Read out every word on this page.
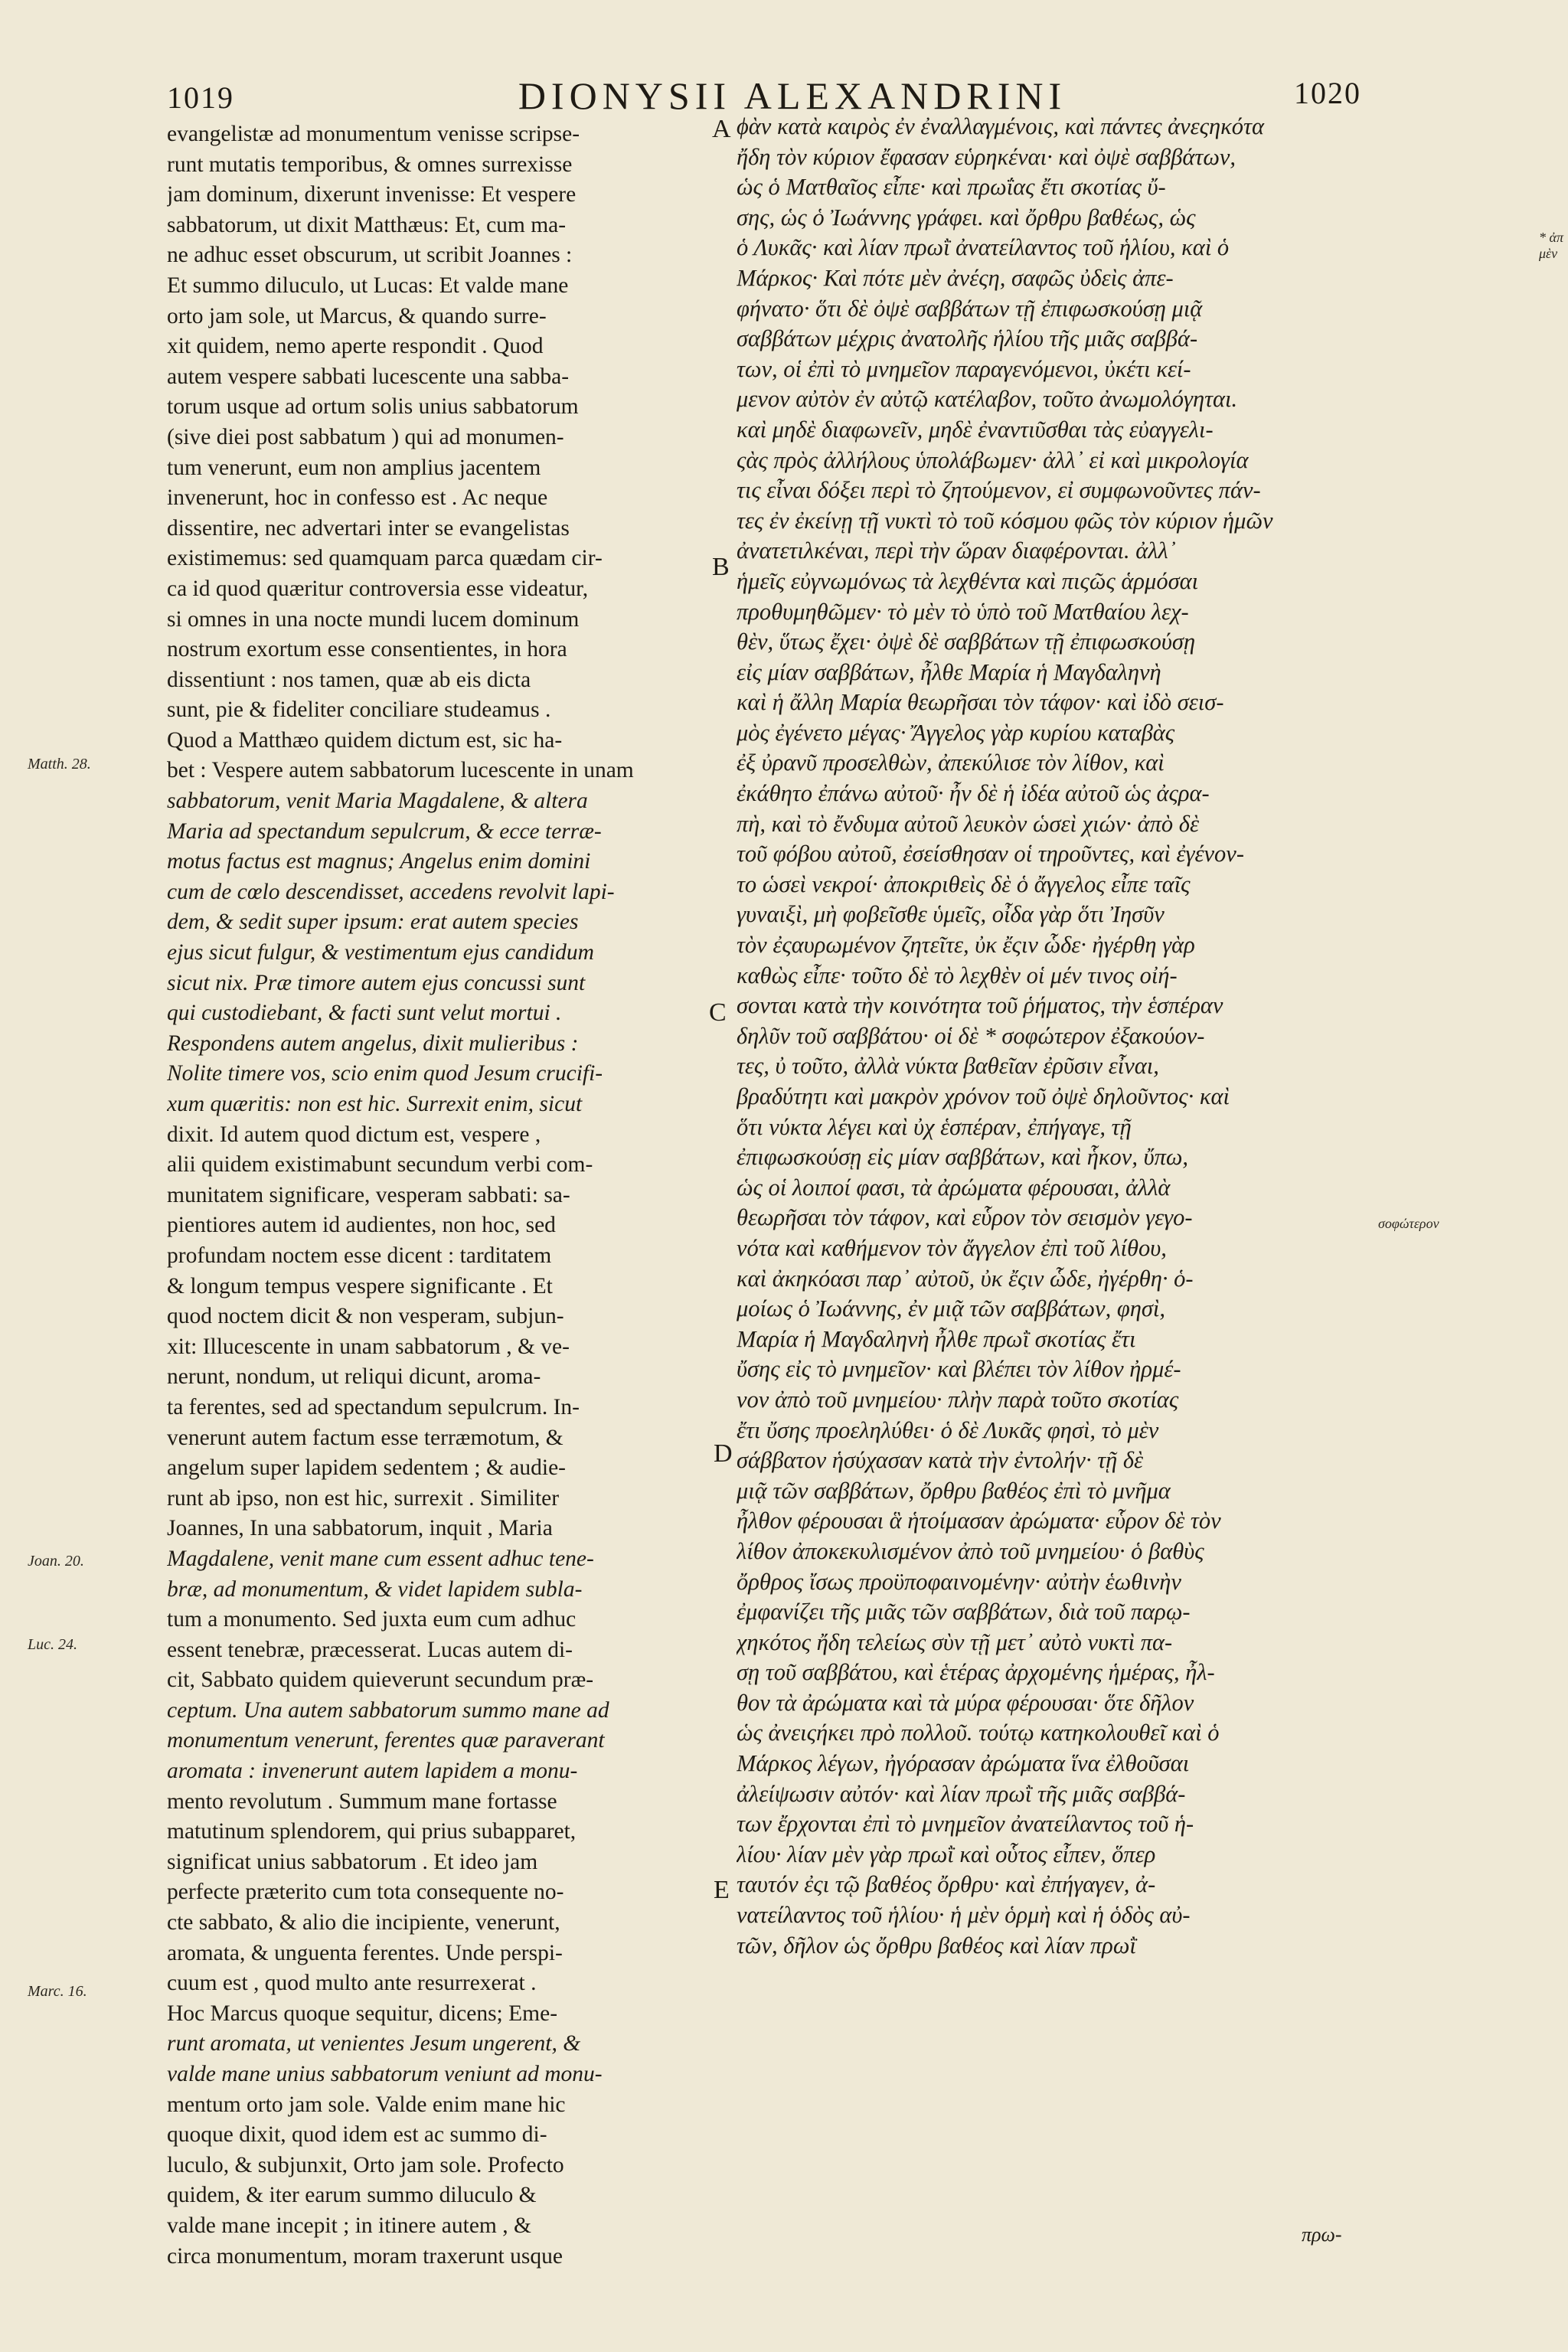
1019	DIONYSII ALEXANDRINI	1020
evangelistæ ad monumentum venisse scripse-
runt mutatis temporibus, & omnes surrexisse
jam dominum, dixerunt invenisse: Et vespere
sabbatorum, ut dixit Matthæus: Et, cum ma-
ne adhuc esset obscurum, ut scribit Joannes :
Et summo diluculo, ut Lucas: Et valde mane
orto jam sole, ut Marcus, & quando surre-
xit quidem, nemo aperte respondit . Quod
autem vespere sabbati lucescente una sabba-
torum usque ad ortum solis unius sabbatorum
(sive diei post sabbatum ) qui ad monumen-
tum venerunt, eum non amplius jacentem
invenerunt, hoc in confesso est . Ac neque
dissentire, nec advertari inter se evangelistas
existimemus: sed quamquam parca quædam cir-
ca id quod quæritur controversia esse videatur,
si omnes in una nocte mundi lucem dominum
nostrum exortum esse consentientes, in hora
dissentiunt : nos tamen, quæ ab eis dicta
sunt, pie & fideliter conciliare studeamus .
Quod a Matthæo quidem dictum est, sic ha-
bet : Vespere autem sabbatorum lucescente in unam
sabbatorum, venit Maria Magdalene, & altera
Maria ad spectandum sepulcrum, & ecce terræ-
motus factus est magnus; Angelus enim domini
cum de cœlo descendisset, accedens revolvit lapi-
dem, & sedit super ipsum: erat autem species
ejus sicut fulgur, & vestimentum ejus candidum
sicut nix. Præ timore autem ejus concussi sunt
qui custodiebant, & facti sunt velut mortui .
Respondens autem angelus, dixit mulieribus :
Nolite timere vos, scio enim quod Jesum crucifi-
xum quæritis: non est hic. Surrexit enim, sicut
dixit. Id autem quod dictum est, vespere ,
alii quidem existimabunt secundum verbi com-
munitatem significare, vesperam sabbati: sa-
pientiores autem id audientes, non hoc, sed
profundam noctem esse dicent : tarditatem
& longum tempus vespere significante . Et
quod noctem dicit & non vesperam, subjun-
xit: Illucescente in unam sabbatorum , & ve-
nerunt, nondum, ut reliqui dicunt, aroma-
ta ferentes, sed ad spectandum sepulcrum. In-
venerunt autem factum esse terræmotum, &
angelum super lapidem sedentem ; & audie-
runt ab ipso, non est hic, surrexit . Similiter
Joannes, In una sabbatorum, inquit , Maria
Magdalene, venit mane cum essent adhuc tene-
bræ, ad monumentum, & videt lapidem sublа-
tum a monumento. Sed juxta eum cum adhuc
essent tenebræ, præcesserat. Lucas autem di-
cit, Sabbato quidem quieverunt secundum præ-
ceptum. Una autem sabbatorum summo mane ad
monumentum venerunt, ferentes quæ paraverant
aromata : invenerunt autem lapidem a monu-
mento revolutum . Summum mane fortasse
matutinum splendorem, qui prius subapparet,
significat unius sabbatorum . Et ideo jam
perfecte præterito cum tota consequente no-
cte sabbato, & alio die incipiente, venerunt,
aromata, & unguenta ferentes. Unde perspi-
cuum est , quod multo ante resurrexerat .
Hoc Marcus quoque sequitur, dicens; Eme-
runt aromata, ut venientes Jesum ungerent, &
valde mane unius sabbatorum veniunt ad monu-
mentum orto jam sole. Valde enim mane hic
quoque dixit, quod idem est ac summo di-
luculo, & subjunxit, Orto jam sole. Profecto
quidem, & iter earum summo diluculo &
valde mane incepit ; in itinere autem , &
circa monumentum, moram traxerunt usque
ϕὰν κατὰ καιρὸς ἐν ἐναλλαγμένοις, καὶ πάντες ἀνεςηκότα
ἤδη τὸν κύριον ἔφασαν εὑρηκέναι· καὶ ὀψὲ σαββάτων,
ὡς ὁ Ματθαῖος εἶπε· καὶ πρωΐας ἔτι σκοτίας ὔ-
σης, ὡς ὁ Ἰωάννης γράφει. καὶ ὄρθρυ βαθέως, ὡς
ὁ Λυκᾶς· καὶ λίαν πρωῒ ἀνατείλαντος τοῦ ἡλίου, καὶ ὁ
Μάρκος· Καὶ πότε μὲν ἀνέςη, σαφῶς ὐδεὶς ἀπε-
φήνατο· ὅτι δὲ ὀψὲ σαββάτων τῇ ἐπιφωσκούσῃ μιᾷ
σαββάτων μέχρις ἀνατολῆς ἡλίου τῆς μιᾶς σαββά-
των, οἱ ἐπὶ τὸ μνημεῖον παραγενόμενοι, ὐκέτι κεί-
μενον αὐτὸν ἐν αὐτῷ κατέλαβον, τοῦτο ἀνωμολόγηται.
καὶ μηδὲ διαφωνεῖν, μηδὲ ἐναντιῦσθαι τὰς εὐαγγελι-
ςὰς πρὸς ἀλλήλους ὑπολάβωμεν· ἀλλ᾽ εἰ καὶ μικρολογία
τις εἶναι δόξει περὶ τὸ ζητούμενον, εἰ συμφωνοῦντες πάν-
τες ἐν ἐκείνῃ τῇ νυκτὶ τὸ τοῦ κόσμου φῶς τὸν κύριον ἡμῶν
ἀνατετιλκέναι, περὶ τὴν ὥραν διαφέρονται. ἀλλ᾽
ἡμεῖς εὐγνωμόνως τὰ λεχθέντα καὶ πιςῶς ἁρμόσαι
προθυμηθῶμεν· τὸ μὲν τὸ ὑπὸ τοῦ Ματθαίου λεχ-
θὲν, ὕτως ἔχει· ὀψὲ δὲ σαββάτων τῇ ἐπιφωσκούσῃ
εἰς μίαν σαββάτων, ἦλθε Μαρία ἡ Μαγδαληνὴ
καὶ ἡ ἄλλη Μαρία θεωρῆσαι τὸν τάφον· καὶ ἰδὸ σεισ-
μὸς ἐγένετο μέγας· Ἄγγελος γὰρ κυρίου καταβὰς
ἐξ ὐρανῦ προσελθὼν, ἀπεκύλισε τὸν λίθον, καὶ
ἐκάθητο ἐπάνω αὐτοῦ· ἦν δὲ ἡ ἰδέα αὐτοῦ ὡς ἀςρα-
πὴ, καὶ τὸ ἔνδυμα αὐτοῦ λευκὸν ὡσεὶ χιών· ἀπὸ δὲ
τοῦ φόβου αὐτοῦ, ἐσείσθησαν οἱ τηροῦντες, καὶ ἐγένον-
το ὡσεὶ νεκροί· ἀποκριθεὶς δὲ ὁ ἄγγελος εἶπε ταῖς
γυναιξὶ, μὴ φοβεῖσθε ὑμεῖς, οἶδα γὰρ ὅτι Ἰησῦν
τὸν ἐςαυρωμένον ζητεῖτε, ὐκ ἔςιν ὧδε· ἠγέρθη γὰρ
καθὼς εἶπε· τοῦτο δὲ τὸ λεχθὲν οἱ μέν τινος οἰή-
σονται κατὰ τὴν κοινότητα τοῦ ῥήματος, τὴν ἑσπέραν
δηλῦν τοῦ σαββάτου· οἱ δὲ * σοφώτερον ἐξακούον-
τες, ὐ τοῦτο, ἀλλὰ νύκτα βαθεῖαν ἐρῦσιν εἶναι,
βραδύτητι καὶ μακρὸν χρόνον τοῦ ὀψὲ δηλοῦντος· καὶ
ὅτι νύκτα λέγει καὶ ὐχ ἑσπέραν, ἐπήγαγε, τῇ
ἐπιφωσκούσῃ εἰς μίαν σαββάτων, καὶ ἧκον, ὔπω,
ὡς οἱ λοιποί φασι, τὰ ἀρώματα φέρουσαι, ἀλλὰ
θεωρῆσαι τὸν τάφον, καὶ εὗρον τὸν σεισμὸν γεγο-
νότα καὶ καθήμενον τὸν ἄγγελον ἐπὶ τοῦ λίθου,
καὶ ἀκηκόασι παρ᾽ αὐτοῦ, ὐκ ἔςιν ὧδε, ἠγέρθη· ὁ-
μοίως ὁ Ἰωάννης, ἐν μιᾷ τῶν σαββάτων, φησὶ,
Μαρία ἡ Μαγδαληνὴ ἦλθε πρωῒ σκοτίας ἔτι
ὔσης εἰς τὸ μνημεῖον· καὶ βλέπει τὸν λίθον ἠρμέ-
νον ἀπὸ τοῦ μνημείου· πλὴν παρὰ τοῦτο σκοτίας
ἔτι ὔσης προεληλύθει· ὁ δὲ Λυκᾶς φησὶ, τὸ μὲν
σάββατον ἡσύχασαν κατὰ τὴν ἐντολήν· τῇ δὲ
μιᾷ τῶν σαββάτων, ὄρθρυ βαθέος ἐπὶ τὸ μνῆμα
ἦλθον φέρουσαι ἃ ἡτοίμασαν ἀρώματα· εὗρον δὲ τὸν
λίθον ἀποκεκυλισμένον ἀπὸ τοῦ μνημείου· ὁ βαθὺς
ὄρθρος ἴσως προϋποφαινομένην· αὐτὴν ἑωθινὴν
ἐμφανίζει τῆς μιᾶς τῶν σαββάτων, διὰ τοῦ παρῳ-
χηκότος ἤδη τελείως σὺν τῇ μετ᾽ αὐτὸ νυκτὶ πα-
σῃ τοῦ σαββάτου, καὶ ἑτέρας ἀρχομένης ἡμέρας, ἦλ-
θον τὰ ἀρώματα καὶ τὰ μύρα φέρουσαι· ὅτε δῆλον
ὡς ἀνειςήκει πρὸ πολλοῦ. τούτῳ κατηκολουθεῖ καὶ ὁ
Μάρκος λέγων, ἠγόρασαν ἀρώματα ἵνα ἐλθοῦσαι
ἀλείψωσιν αὐτόν· καὶ λίαν πρωῒ τῆς μιᾶς σαββά-
των ἔρχονται ἐπὶ τὸ μνημεῖον ἀνατείλαντος τοῦ ἡ-
λίου· λίαν μὲν γὰρ πρωῒ καὶ οὗτος εἶπεν, ὅπερ
ταυτόν ἐςι τῷ βαθέος ὄρθρυ· καὶ ἐπήγαγεν, ἀ-
νατείλαντος τοῦ ἡλίου· ἡ μὲν ὁρμὴ καὶ ἡ ὁδὸς αὐ-
τῶν, δῆλον ὡς ὄρθρυ βαθέος καὶ λίαν πρωῒ
Matth. 28.
Joan. 20.
Luc. 24.
Marc. 16.
A
B
C
D
E
σοφώτερον
* ἀπ μὲν
πρω-
